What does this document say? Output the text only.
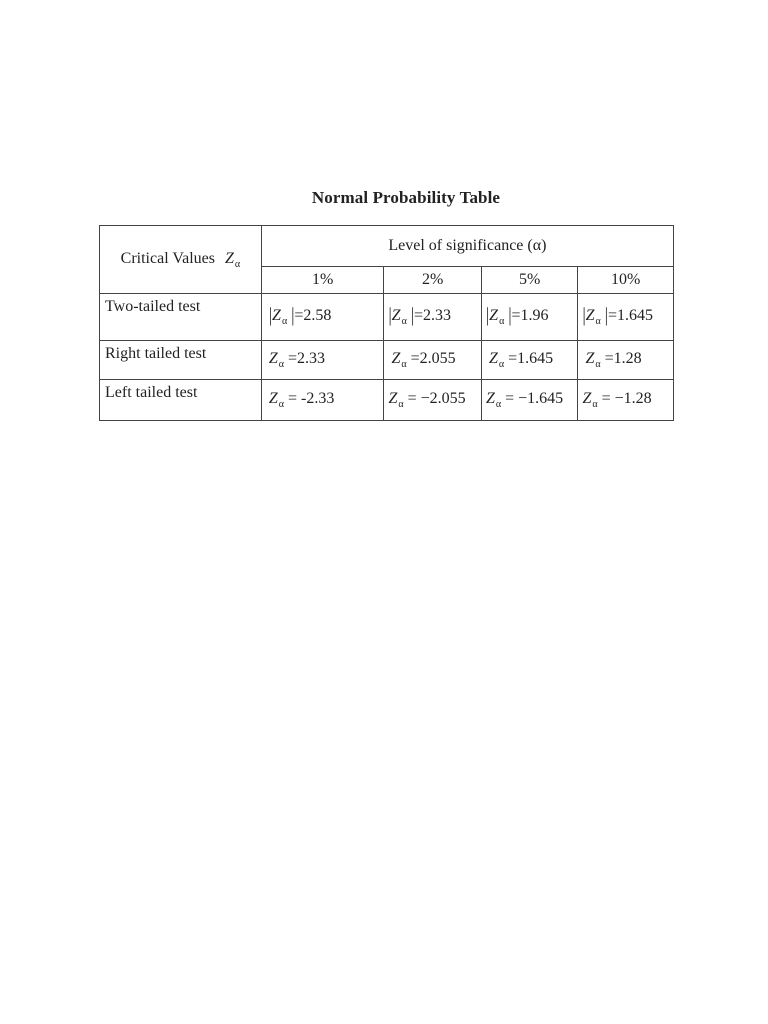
Normal Probability Table
Critical Values $Z_\alpha$	Level of significance (α)			
	1%	2%	5%	10%
Two-tailed test	$|Z_\alpha$ |=2.58	$|Z_\alpha$ |=2.33	$|Z_\alpha$ |=1.96	$|Z_\alpha$ |=1.645
Right tailed test	$Z_\alpha =2.33$	$Z_\alpha =2.055$	$Z_\alpha =1.645$	$Z_\alpha =1.28$
Left tailed test	$Z_\alpha = -2.33$	$Z_\alpha = -2.055$	$Z_\alpha = -1.645$	$Z_\alpha = -1.28$
